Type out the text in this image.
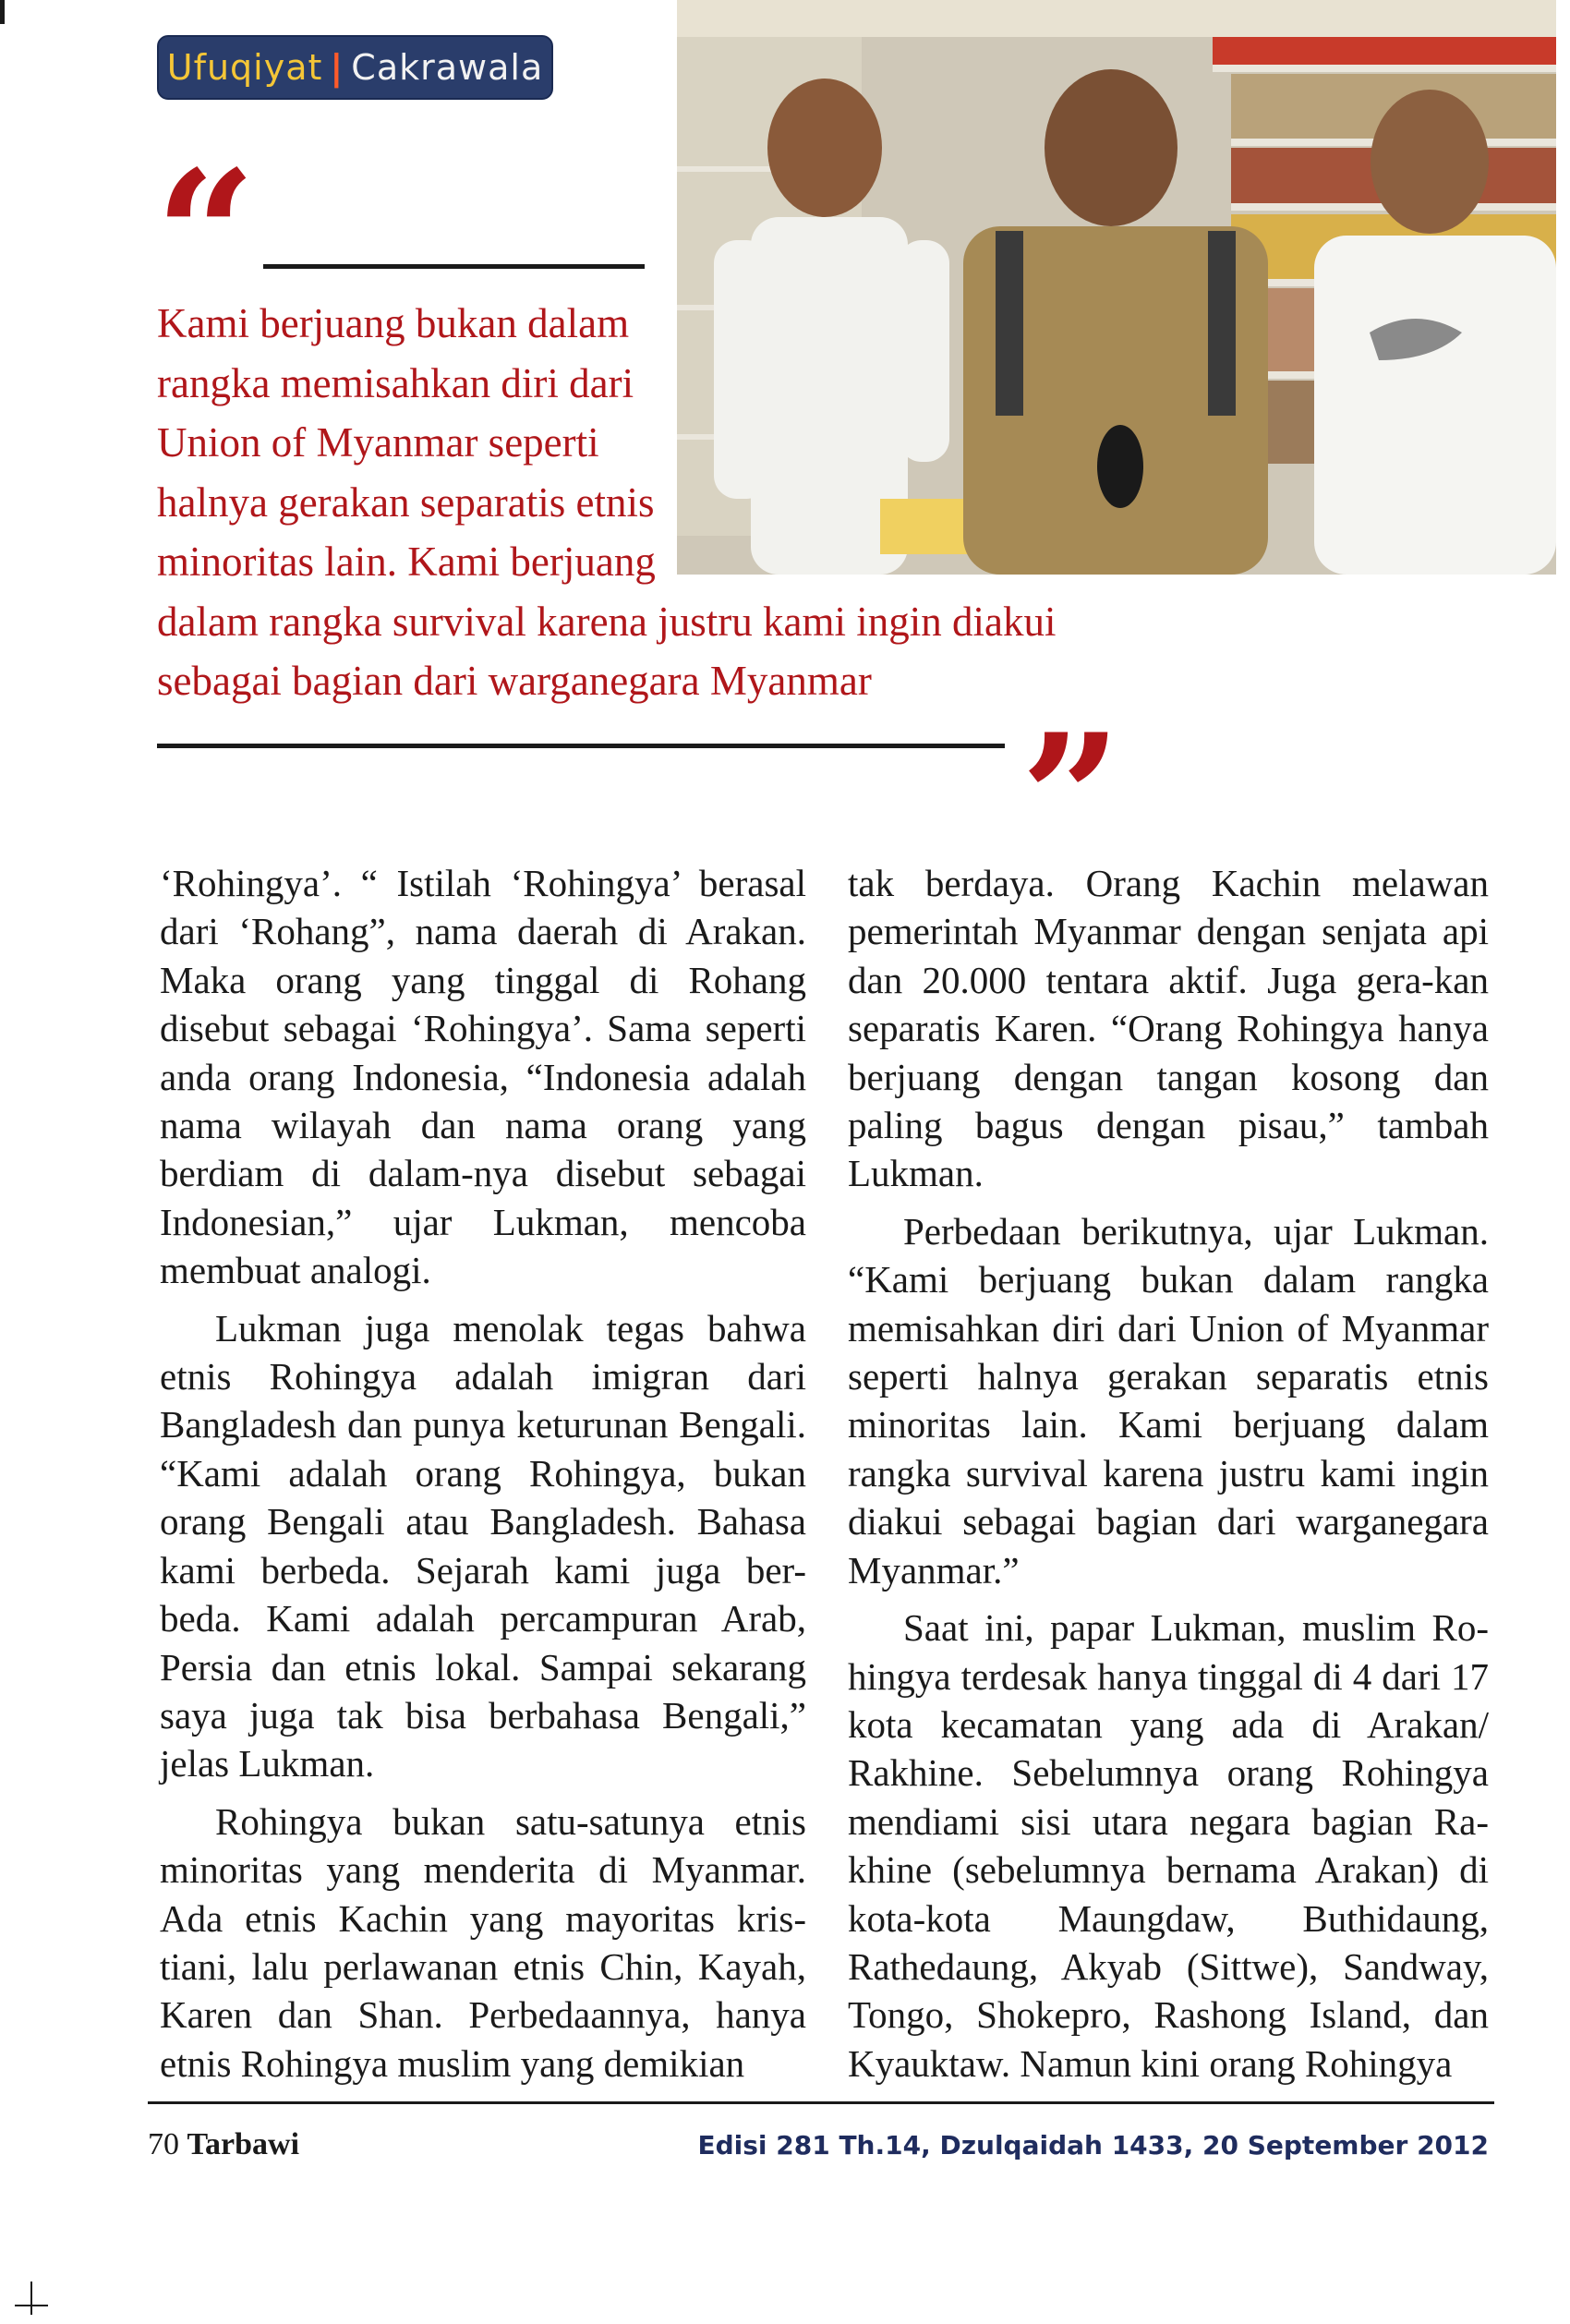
Ufuqiyat | Cakrawala
“
Kami berjuang bukan dalam
rangka memisahkan diri dari
Union of Myanmar seperti
halnya gerakan separatis etnis
minoritas lain. Kami berjuang
dalam rangka survival karena justru kami ingin diakui
sebagai bagian dari warganegara Myanmar
”

‘Rohingya’. “ Istilah ‘Rohingya’ berasal dari ‘Rohang”, nama daerah di Arakan. Maka orang yang tinggal di Rohang disebut sebagai ‘Rohingya’. Sama seperti anda orang Indonesia, “Indonesia adalah nama wilayah dan nama orang yang berdiam di dalam-nya disebut sebagai Indonesian,” ujar Lukman, mencoba membuat analogi.

Lukman juga menolak tegas bahwa etnis Rohingya adalah imigran dari Bangladesh dan punya keturunan Bengali. “Kami adalah orang Rohingya, bukan orang Bengali atau Bangladesh. Bahasa kami berbeda. Sejarah kami juga ber-beda. Kami adalah percampuran Arab, Persia dan etnis lokal. Sampai sekarang saya juga tak bisa berbahasa Bengali,” jelas Lukman.

Rohingya bukan satu-satunya etnis minoritas yang menderita di Myanmar. Ada etnis Kachin yang mayoritas kris-tiani, lalu perlawanan etnis Chin, Kayah, Karen dan Shan. Perbedaannya, hanya etnis Rohingya muslim yang demikian

tak berdaya. Orang Kachin melawan pemerintah Myanmar dengan senjata api dan 20.000 tentara aktif. Juga gera-kan separatis Karen. “Orang Rohingya hanya berjuang dengan tangan kosong dan paling bagus dengan pisau,” tambah Lukman.

Perbedaan berikutnya, ujar Lukman. “Kami berjuang bukan dalam rangka memisahkan diri dari Union of Myanmar seperti halnya gerakan separatis etnis minoritas lain. Kami berjuang dalam rangka survival karena justru kami ingin diakui sebagai bagian dari warganegara Myanmar.”

Saat ini, papar Lukman, muslim Ro-hingya terdesak hanya tinggal di 4 dari 17 kota kecamatan yang ada di Arakan/ Rakhine. Sebelumnya orang Rohingya mendiami sisi utara negara bagian Ra-khine (sebelumnya bernama Arakan) di kota-kota Maungdaw, Buthidaung, Rathedaung, Akyab (Sittwe), Sandway, Tongo, Shokepro, Rashong Island, dan Kyauktaw. Namun kini orang Rohingya

70 Tarbawi	Edisi 281 Th.14, Dzulqaidah 1433, 20 September 2012
